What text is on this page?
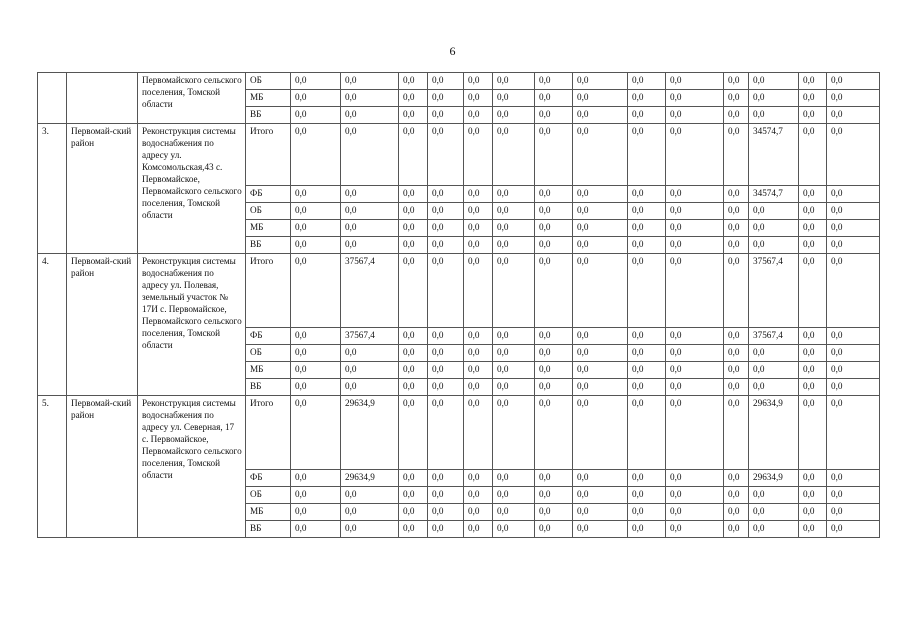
6
		Первомайского сельского поселения, Томской области	ОБ	0,0	0,0	0,0	0,0	0,0	0,0	0,0	0,0	0,0	0,0	0,0	0,0	0,0	0,0
			МБ	0,0	0,0	0,0	0,0	0,0	0,0	0,0	0,0	0,0	0,0	0,0	0,0	0,0	0,0
			ВБ	0,0	0,0	0,0	0,0	0,0	0,0	0,0	0,0	0,0	0,0	0,0	0,0	0,0	0,0
3.	Первомай-ский район	Реконструкция системы водоснабжения по адресу ул. Комсомольская,43 с. Первомайское, Первомайского сельского поселения, Томской области	Итого	0,0	0,0	0,0	0,0	0,0	0,0	0,0	0,0	0,0	0,0	0,0	34574,7	0,0	0,0
			ФБ	0,0	0,0	0,0	0,0	0,0	0,0	0,0	0,0	0,0	0,0	0,0	34574,7	0,0	0,0
			ОБ	0,0	0,0	0,0	0,0	0,0	0,0	0,0	0,0	0,0	0,0	0,0	0,0	0,0	0,0
			МБ	0,0	0,0	0,0	0,0	0,0	0,0	0,0	0,0	0,0	0,0	0,0	0,0	0,0	0,0
			ВБ	0,0	0,0	0,0	0,0	0,0	0,0	0,0	0,0	0,0	0,0	0,0	0,0	0,0	0,0
4.	Первомай-ский район	Реконструкция системы водоснабжения по адресу ул. Полевая, земельный участок № 17И с. Первомайское, Первомайского сельского поселения, Томской области	Итого	0,0	37567,4	0,0	0,0	0,0	0,0	0,0	0,0	0,0	0,0	0,0	37567,4	0,0	0,0
			ФБ	0,0	37567,4	0,0	0,0	0,0	0,0	0,0	0,0	0,0	0,0	0,0	37567,4	0,0	0,0
			ОБ	0,0	0,0	0,0	0,0	0,0	0,0	0,0	0,0	0,0	0,0	0,0	0,0	0,0	0,0
			МБ	0,0	0,0	0,0	0,0	0,0	0,0	0,0	0,0	0,0	0,0	0,0	0,0	0,0	0,0
			ВБ	0,0	0,0	0,0	0,0	0,0	0,0	0,0	0,0	0,0	0,0	0,0	0,0	0,0	0,0
5.	Первомай-ский район	Реконструкция системы водоснабжения по адресу ул. Северная, 17 с. Первомайское, Первомайского сельского поселения, Томской области	Итого	0,0	29634,9	0,0	0,0	0,0	0,0	0,0	0,0	0,0	0,0	0,0	29634,9	0,0	0,0
			ФБ	0,0	29634,9	0,0	0,0	0,0	0,0	0,0	0,0	0,0	0,0	0,0	29634,9	0,0	0,0
			ОБ	0,0	0,0	0,0	0,0	0,0	0,0	0,0	0,0	0,0	0,0	0,0	0,0	0,0	0,0
			МБ	0,0	0,0	0,0	0,0	0,0	0,0	0,0	0,0	0,0	0,0	0,0	0,0	0,0	0,0
			ВБ	0,0	0,0	0,0	0,0	0,0	0,0	0,0	0,0	0,0	0,0	0,0	0,0	0,0	0,0
